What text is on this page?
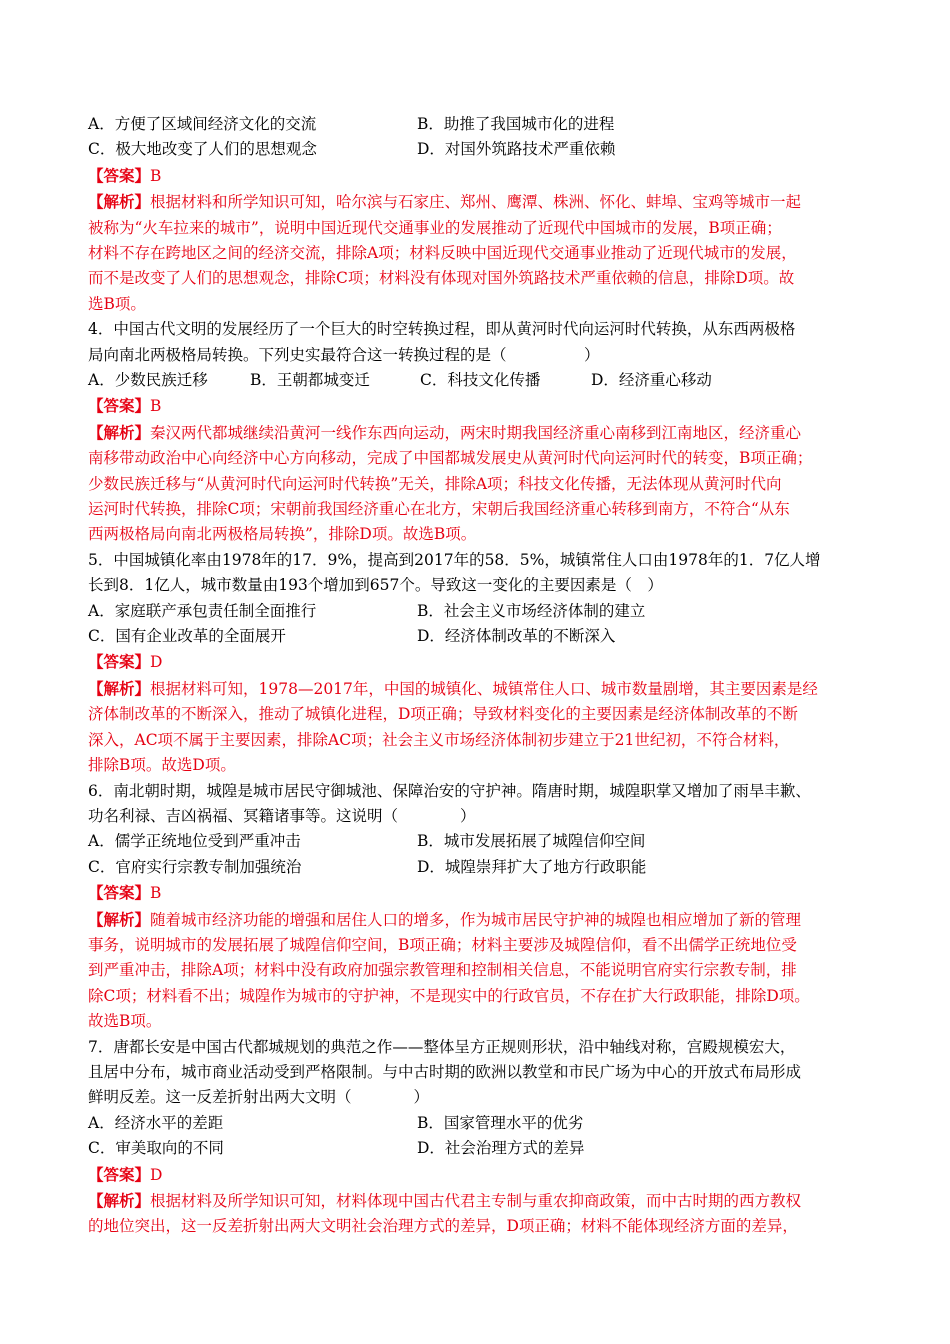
A．方便了区域间经济文化的交流	B．助推了我国城市化的进程
C．极大地改变了人们的思想观念	D．对国外筑路技术严重依赖
【答案】B
【解析】根据材料和所学知识可知，哈尔滨与石家庄、郑州、鹰潭、株洲、怀化、蚌埠、宝鸡等城市一起
被称为“火车拉来的城市”，说明中国近现代交通事业的发展推动了近现代中国城市的发展，B项正确；
材料不存在跨地区之间的经济交流，排除A项；材料反映中国近现代交通事业推动了近现代城市的发展，
而不是改变了人们的思想观念，排除C项；材料没有体现对国外筑路技术严重依赖的信息，排除D项。故
选B项。
4．中国古代文明的发展经历了一个巨大的时空转换过程，即从黄河时代向运河时代转换，从东西两极格
局向南北两极格局转换。下列史实最符合这一转换过程的是（　　　　　）
A．少数民族迁移	B．王朝都城变迁	C．科技文化传播	D．经济重心移动
【答案】B
【解析】秦汉两代都城继续沿黄河一线作东西向运动，两宋时期我国经济重心南移到江南地区，经济重心
南移带动政治中心向经济中心方向移动，完成了中国都城发展史从黄河时代向运河时代的转变，B项正确；
少数民族迁移与“从黄河时代向运河时代转换”无关，排除A项；科技文化传播，无法体现从黄河时代向
运河时代转换，排除C项；宋朝前我国经济重心在北方，宋朝后我国经济重心转移到南方，不符合“从东
西两极格局向南北两极格局转换”，排除D项。故选B项。
5．中国城镇化率由1978年的17．9%，提高到2017年的58．5%，城镇常住人口由1978年的1．7亿人增
长到8．1亿人，城市数量由193个增加到657个。导致这一变化的主要因素是（　）
A．家庭联产承包责任制全面推行	B．社会主义市场经济体制的建立
C．国有企业改革的全面展开	D．经济体制改革的不断深入
【答案】D
【解析】根据材料可知，1978—2017年，中国的城镇化、城镇常住人口、城市数量剧增，其主要因素是经
济体制改革的不断深入，推动了城镇化进程，D项正确；导致材料变化的主要因素是经济体制改革的不断
深入，AC项不属于主要因素，排除AC项；社会主义市场经济体制初步建立于21世纪初，不符合材料，
排除B项。故选D项。
6．南北朝时期，城隍是城市居民守御城池、保障治安的守护神。隋唐时期，城隍职掌又增加了雨旱丰歉、
功名利禄、吉凶祸福、冥籍诸事等。这说明（　　　　）
A．儒学正统地位受到严重冲击	B．城市发展拓展了城隍信仰空间
C．官府实行宗教专制加强统治	D．城隍崇拜扩大了地方行政职能
【答案】B
【解析】随着城市经济功能的增强和居住人口的增多，作为城市居民守护神的城隍也相应增加了新的管理
事务，说明城市的发展拓展了城隍信仰空间，B项正确；材料主要涉及城隍信仰，看不出儒学正统地位受
到严重冲击，排除A项；材料中没有政府加强宗教管理和控制相关信息，不能说明官府实行宗教专制，排
除C项；材料看不出；城隍作为城市的守护神，不是现实中的行政官员，不存在扩大行政职能，排除D项。
故选B项。
7．唐都长安是中国古代都城规划的典范之作——整体呈方正规则形状，沿中轴线对称，宫殿规模宏大，
且居中分布，城市商业活动受到严格限制。与中古时期的欧洲以教堂和市民广场为中心的开放式布局形成
鲜明反差。这一反差折射出两大文明（　　　　）
A．经济水平的差距	B．国家管理水平的优劣
C．审美取向的不同	D．社会治理方式的差异
【答案】D
【解析】根据材料及所学知识可知，材料体现中国古代君主专制与重农抑商政策，而中古时期的西方教权
的地位突出，这一反差折射出两大文明社会治理方式的差异，D项正确；材料不能体现经济方面的差异，
